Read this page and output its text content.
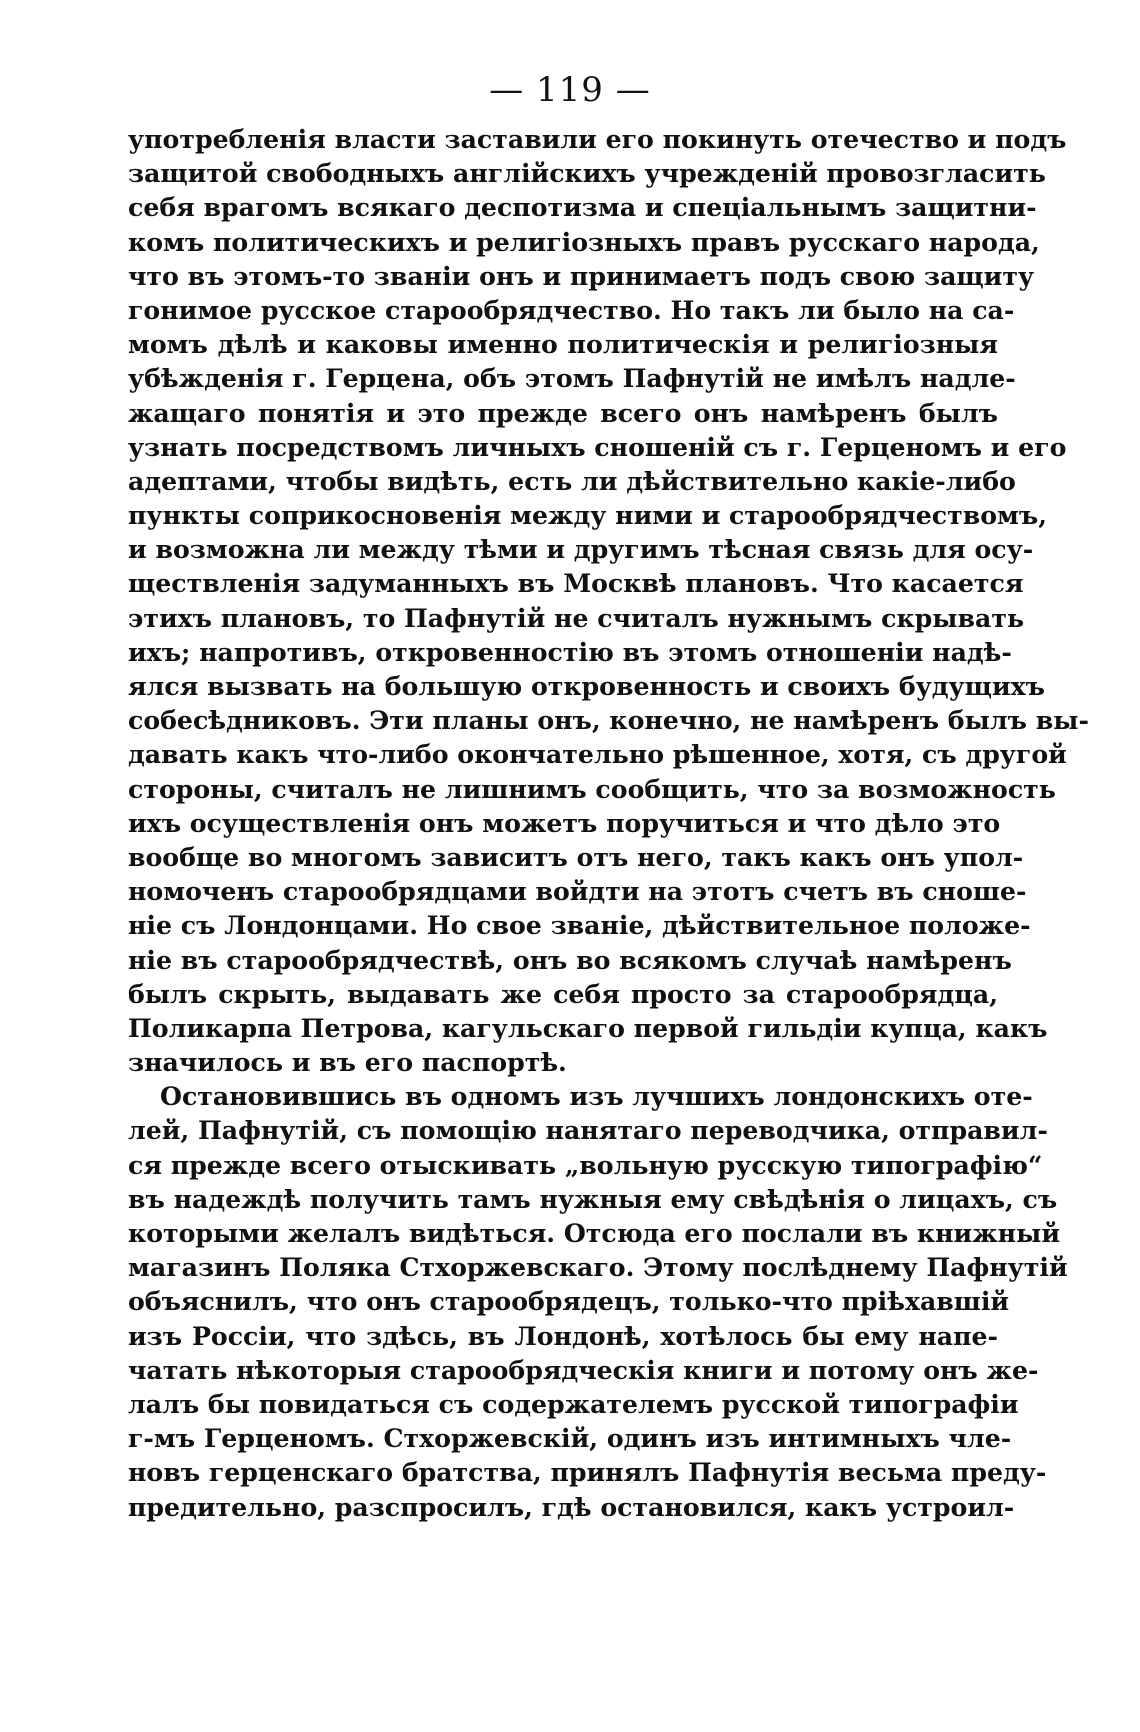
— 119 —
употребленія власти заставили его покинуть отечество и подъ
защитой свободныхъ англійскихъ учрежденій провозгласить
себя врагомъ всякаго деспотизма и спеціальнымъ защитни-
комъ политическихъ и религіозныхъ правъ русскаго народа,
что въ этомъ-то званіи онъ и принимаетъ подъ свою защиту
гонимое русское старообрядчество. Но такъ ли было на са-
момъ дѣлѣ и каковы именно политическія и религіозныя
убѣжденія г. Герцена, объ этомъ Пафнутій не имѣлъ надле-
жащаго понятія и это прежде всего онъ намѣренъ былъ
узнать посредствомъ личныхъ сношеній съ г. Герценомъ и его
адептами, чтобы видѣть, есть ли дѣйствительно какіе-либо
пункты соприкосновенія между ними и старообрядчествомъ,
и возможна ли между тѣми и другимъ тѣсная связь для осу-
ществленія задуманныхъ въ Москвѣ плановъ. Что касается
этихъ плановъ, то Пафнутій не считалъ нужнымъ скрывать
ихъ; напротивъ, откровенностію въ этомъ отношеніи надѣ-
ялся вызвать на большую откровенность и своихъ будущихъ
собесѣдниковъ. Эти планы онъ, конечно, не намѣренъ былъ вы-
давать какъ что-либо окончательно рѣшенное, хотя, съ другой
стороны, считалъ не лишнимъ сообщить, что за возможность
ихъ осуществленія онъ можетъ поручиться и что дѣло это
вообще во многомъ зависитъ отъ него, такъ какъ онъ упол-
номоченъ старообрядцами войдти на этотъ счетъ въ сноше-
ніе съ Лондонцами. Но свое званіе, дѣйствительное положе-
ніе въ старообрядчествѣ, онъ во всякомъ случаѣ намѣренъ
былъ скрыть, выдавать же себя просто за старообрядца,
Поликарпа Петрова, кагульскаго первой гильдіи купца, какъ
значилось и въ его паспортѣ.
Остановившись въ одномъ изъ лучшихъ лондонскихъ оте-
лей, Пафнутій, съ помощію нанятаго переводчика, отправил-
ся прежде всего отыскивать „вольную русскую типографію“
въ надеждѣ получить тамъ нужныя ему свѣдѣнія о лицахъ, съ
которыми желалъ видѣться. Отсюда его послали въ книжный
магазинъ Поляка Стхоржевскаго. Этому послѣднему Пафнутій
объяснилъ, что онъ старообрядецъ, только-что пріѣхавшій
изъ Россіи, что здѣсь, въ Лондонѣ, хотѣлось бы ему напе-
чатать нѣкоторыя старообрядческія книги и потому онъ же-
лалъ бы повидаться съ содержателемъ русской типографіи
г-мъ Герценомъ. Стхоржевскій, одинъ изъ интимныхъ чле-
новъ герценскаго братства, принялъ Пафнутія весьма преду-
предительно, разспросилъ, гдѣ остановился, какъ устроил-
